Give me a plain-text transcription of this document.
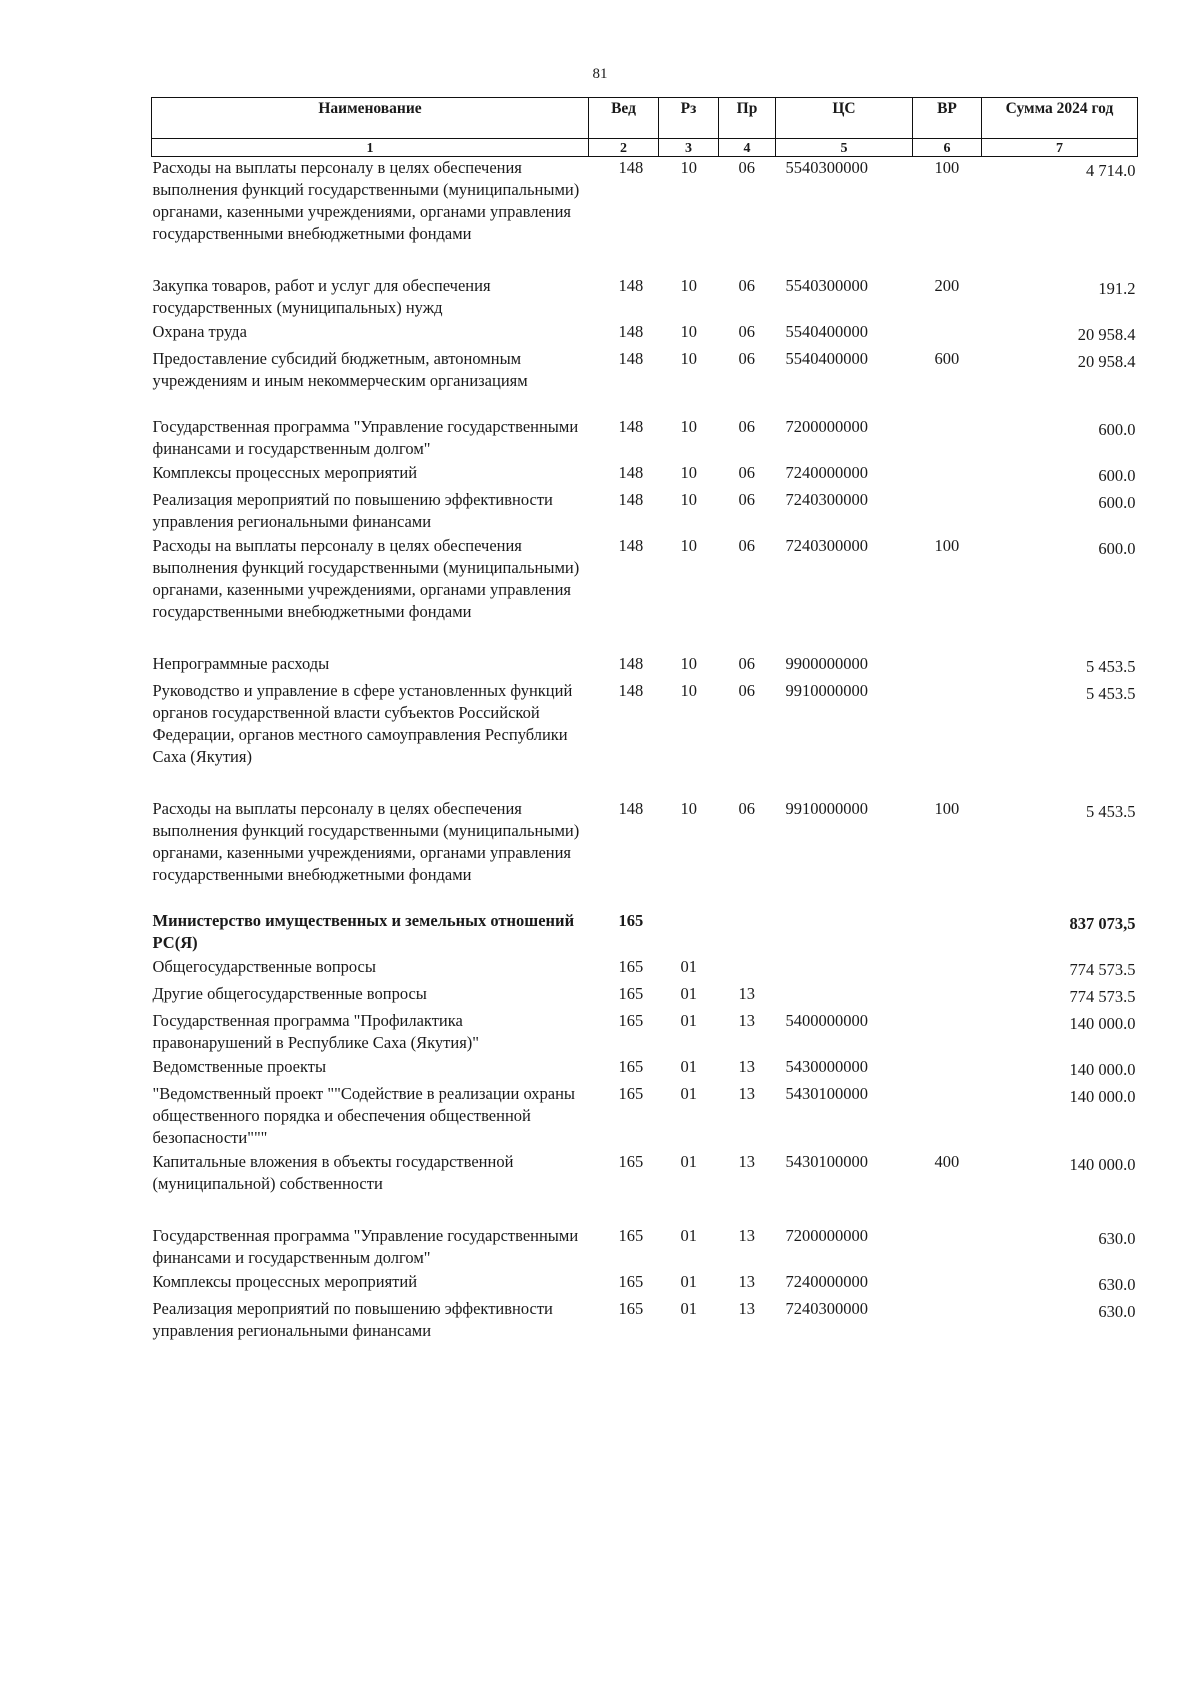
81
Наименование	Вед	Рз	Пр	ЦС	ВР	Сумма 2024 год
1	2	3	4	5	6	7
Расходы на выплаты персоналу в целях обеспечения выполнения функций государственными (муниципальными) органами, казенными учреждениями, органами управления государственными внебюджетными фондами	148	10	06	5540300000	100	4 714.0
Закупка товаров, работ и услуг для обеспечения государственных (муниципальных) нужд	148	10	06	5540300000	200	191.2
Охрана труда	148	10	06	5540400000		20 958.4
Предоставление субсидий бюджетным, автономным учреждениям и иным некоммерческим организациям	148	10	06	5540400000	600	20 958.4
Государственная программа "Управление государственными финансами и государственным долгом"	148	10	06	7200000000		600.0
Комплексы процессных мероприятий	148	10	06	7240000000		600.0
Реализация мероприятий по повышению эффективности управления региональными финансами	148	10	06	7240300000		600.0
Расходы на выплаты персоналу в целях обеспечения выполнения функций государственными (муниципальными) органами, казенными учреждениями, органами управления государственными внебюджетными фондами	148	10	06	7240300000	100	600.0
Непрограммные расходы	148	10	06	9900000000		5 453.5
Руководство и управление в сфере установленных функций органов государственной власти субъектов Российской Федерации, органов местного самоуправления Республики Саха (Якутия)	148	10	06	9910000000		5 453.5
Расходы на выплаты персоналу в целях обеспечения выполнения функций государственными (муниципальными) органами, казенными учреждениями, органами управления государственными внебюджетными фондами	148	10	06	9910000000	100	5 453.5
Министерство имущественных и земельных отношений РС(Я)	165					837 073,5
Общегосударственные вопросы	165	01				774 573.5
Другие общегосударственные вопросы	165	01	13			774 573.5
Государственная программа "Профилактика правонарушений в Республике Саха (Якутия)"	165	01	13	5400000000		140 000.0
Ведомственные проекты	165	01	13	5430000000		140 000.0
"Ведомственный проект ""Содействие в реализации охраны общественного порядка и обеспечения общественной безопасности"""	165	01	13	5430100000		140 000.0
Капитальные вложения в объекты государственной (муниципальной) собственности	165	01	13	5430100000	400	140 000.0
Государственная программа "Управление государственными финансами и государственным долгом"	165	01	13	7200000000		630.0
Комплексы процессных мероприятий	165	01	13	7240000000		630.0
Реализация мероприятий по повышению эффективности управления региональными финансами	165	01	13	7240300000		630.0
